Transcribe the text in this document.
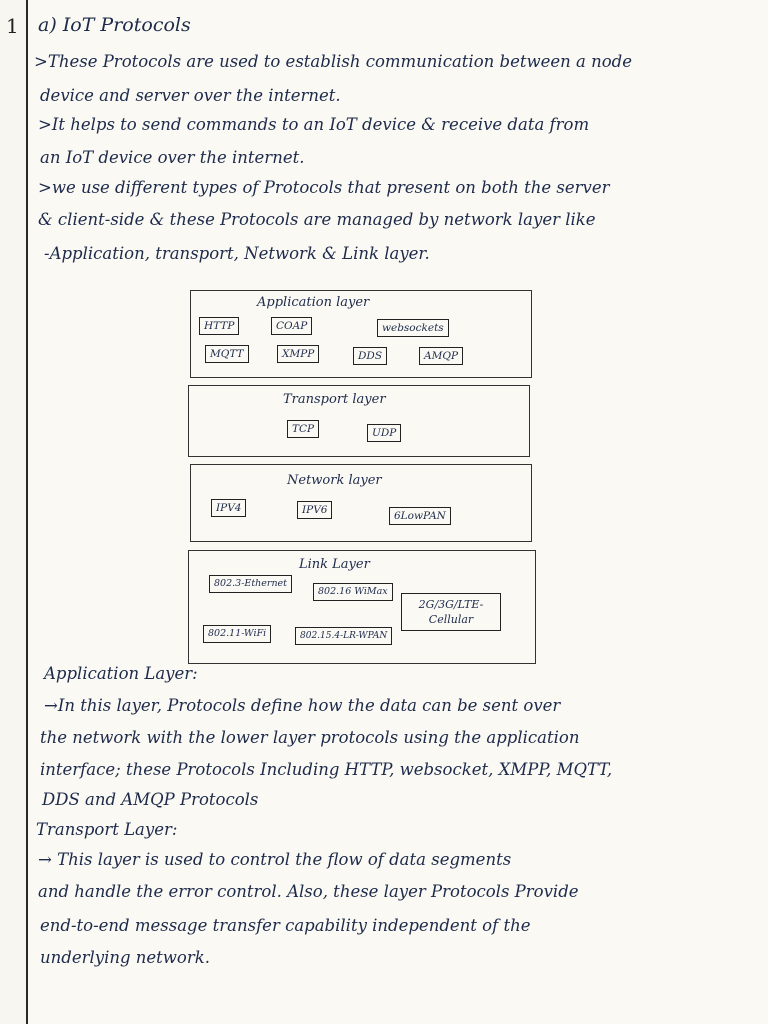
1 a) IoT Protocols
>These Protocols are used to establish communication between a node
device and server over the internet.
>It helps to send commands to an IoT device & receive data from
an IoT device over the internet.
>we use different types of Protocols that present on both the server
& client-side & these Protocols are managed by network layer like
-Application, transport, Network & Link layer.
Application layer
HTTP	COAP	websockets
MQTT	XMPP	DDS	AMQP
Transport layer
TCP	UDP
Network layer
IPV4	IPV6	6LowPAN
Link Layer
802.3-Ethernet
802.16 WiMax
2G/3G/LTE-Cellular
802.11-WiFi	802.15.4-LR-WPAN
Application Layer:
→In this layer, Protocols define how the data can be sent over
the network with the lower layer protocols using the application
interface; these Protocols Including HTTP, websocket, XMPP, MQTT,
DDS and AMQP Protocols
Transport Layer:
→ This layer is used to control the flow of data segments
and handle the error control. Also, these layer Protocols Provide
end-to-end message transfer capability independent of the
underlying network.
